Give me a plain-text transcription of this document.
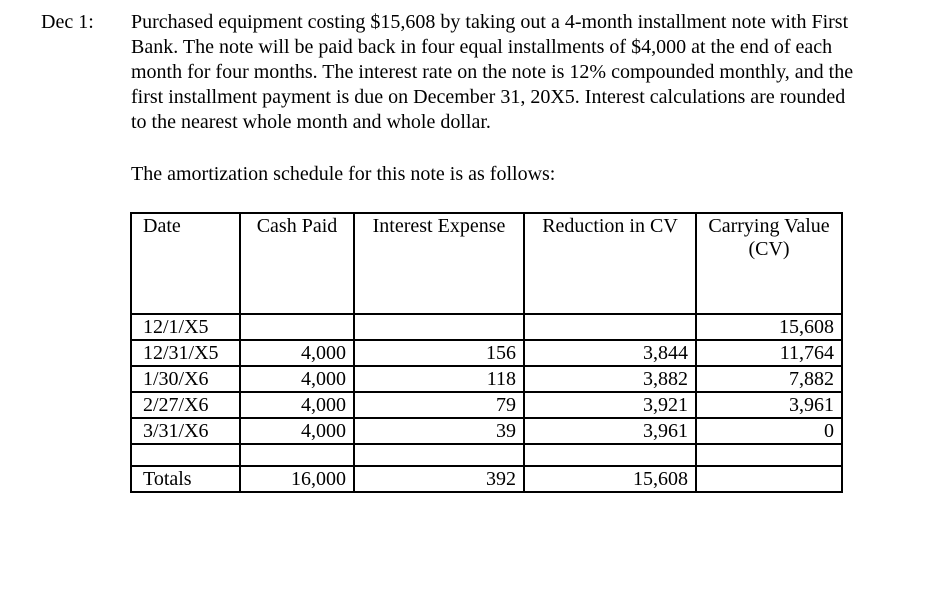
Dec 1: Purchased equipment costing $15,608 by taking out a 4-month installment note with First
Bank. The note will be paid back in four equal installments of $4,000 at the end of each
month for four months. The interest rate on the note is 12% compounded monthly, and the
first installment payment is due on December 31, 20X5. Interest calculations are rounded
to the nearest whole month and whole dollar.

The amortization schedule for this note is as follows:

Date	Cash Paid	Interest Expense	Reduction in CV	Carrying Value
(CV)

12/1/X5				15,608
12/31/X5	4,000	156	3,844	11,764
1/30/X6	4,000	118	3,882	7,882
2/27/X6	4,000	79	3,921	3,961
3/31/X6	4,000	39	3,961	0

Totals	16,000	392	15,608	
